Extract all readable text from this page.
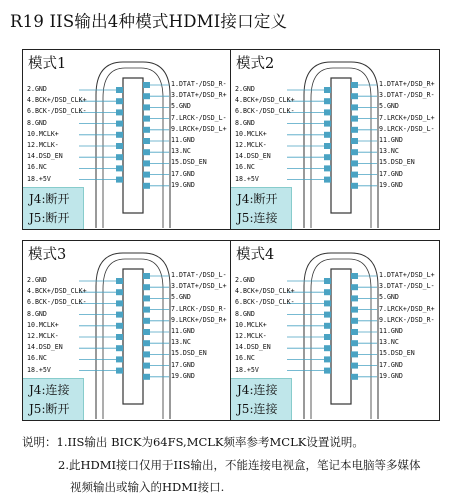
R19 IIS输出4种模式HDMI接口定义
模式1
2.GND
4.BCK+/DSD_CLK+
6.BCK-/DSD_CLK-
8.GND
10.MCLK+
12.MCLK-
14.DSD_EN
16.NC
18.+5V
1.DTAT-/DSD_R-
3.DTAT+/DSD_R+
5.GND
7.LRCK-/DSD_L-
9.LRCK+/DSD_L+
11.GND
13.NC
15.DSD_EN
17.GND
19.GND
J4:断开
J5:断开
模式2
2.GND
4.BCK+/DSD_CLK+
6.BCK-/DSD_CLK-
8.GND
10.MCLK+
12.MCLK-
14.DSD_EN
16.NC
18.+5V
1.DTAT+/DSD_R+
3.DTAT-/DSD_R-
5.GND
7.LRCK+/DSD_L+
9.LRCK-/DSD_L-
11.GND
13.NC
15.DSD_EN
17.GND
19.GND
J4:断开
J5:连接
模式3
2.GND
4.BCK+/DSD_CLK+
6.BCK-/DSD_CLK-
8.GND
10.MCLK+
12.MCLK-
14.DSD_EN
16.NC
18.+5V
1.DTAT-/DSD_L-
3.DTAT+/DSD_L+
5.GND
7.LRCK-/DSD_R-
9.LRCK+/DSD_R+
11.GND
13.NC
15.DSD_EN
17.GND
19.GND
J4:连接
J5:断开
模式4
2.GND
4.BCK+/DSD_CLK+
6.BCK-/DSD_CLK-
8.GND
10.MCLK+
12.MCLK-
14.DSD_EN
16.NC
18.+5V
1.DTAT+/DSD_L+
3.DTAT-/DSD_L-
5.GND
7.LRCK+/DSD_R+
9.LRCK-/DSD_R-
11.GND
13.NC
15.DSD_EN
17.GND
19.GND
J4:连接
J5:连接
说明：1.IIS输出 BICK为64FS,MCLK频率参考MCLK设置说明。
2.此HDMI接口仅用于IIS输出，不能连接电视盒，笔记本电脑等多媒体
视频输出或输入的HDMI接口.
